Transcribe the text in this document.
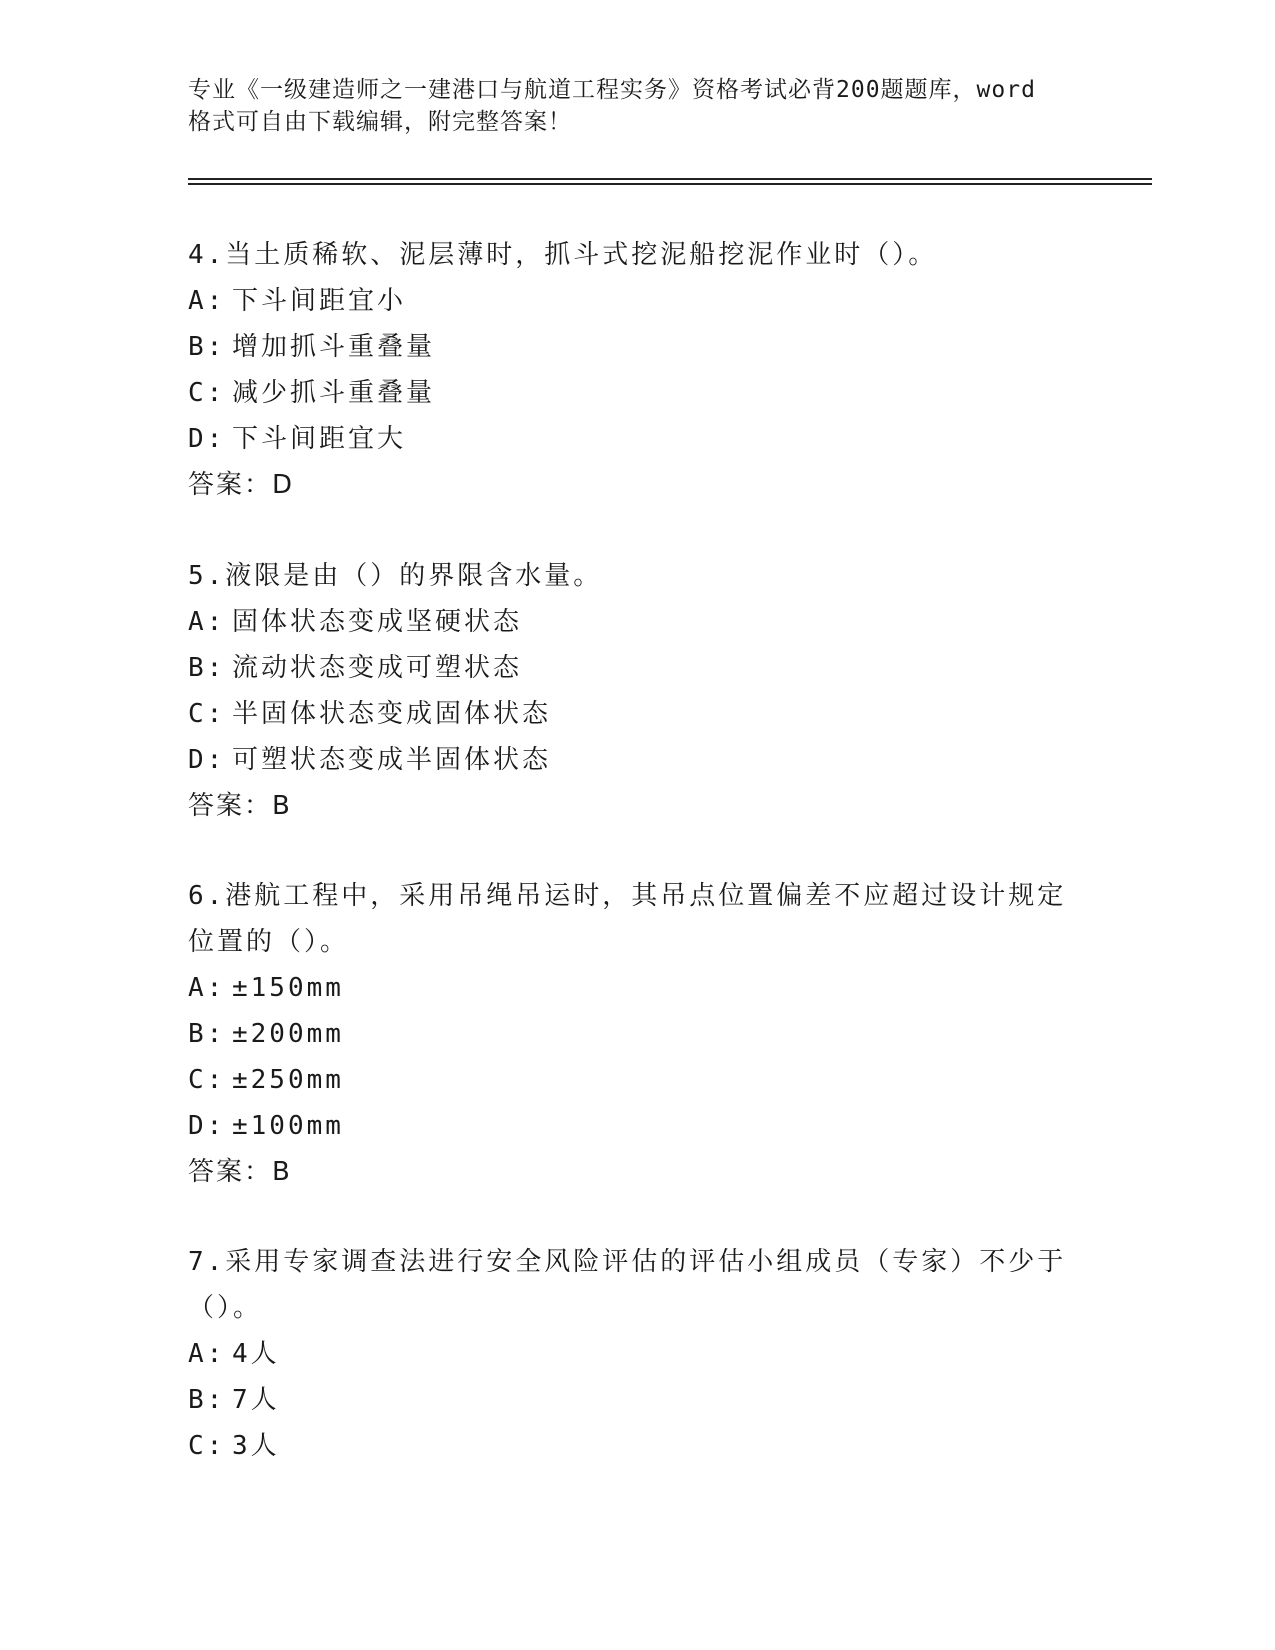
专业《一级建造师之一建港口与航道工程实务》资格考试必背200题题库，word
格式可自由下载编辑，附完整答案！
4.当土质稀软、泥层薄时，抓斗式挖泥船挖泥作业时（）。
A: 下斗间距宜小
B: 增加抓斗重叠量
C: 减少抓斗重叠量
D: 下斗间距宜大
答案：D
5.液限是由（）的界限含水量。
A: 固体状态变成坚硬状态
B: 流动状态变成可塑状态
C: 半固体状态变成固体状态
D: 可塑状态变成半固体状态
答案：B
6.港航工程中，采用吊绳吊运时，其吊点位置偏差不应超过设计规定位置的（）。
A: ±150mm
B: ±200mm
C: ±250mm
D: ±100mm
答案：B
7.采用专家调查法进行安全风险评估的评估小组成员（专家）不少于（）。
A: 4人
B: 7人
C: 3人
